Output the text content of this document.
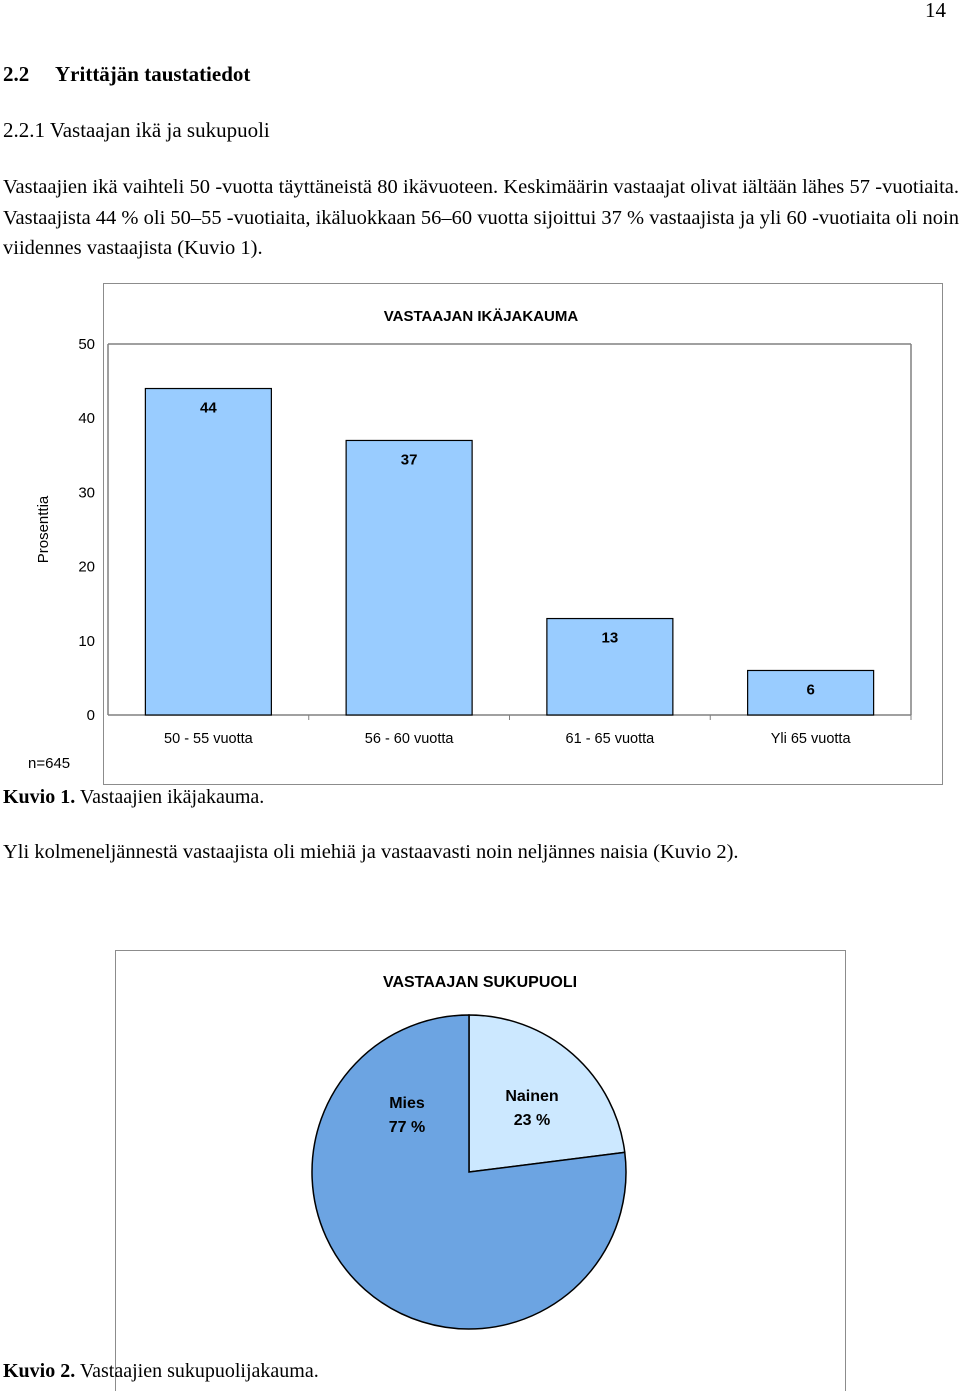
14
2.2 Yrittäjän taustatiedot
2.2.1 Vastaajan ikä ja sukupuoli

Vastaajien ikä vaihteli 50 -vuotta täyttäneistä 80 ikävuoteen. Keskimäärin vastaajat olivat iältään lähes 57 -vuotiaita. Vastaajista 44 % oli 50–55 -vuotiaita, ikäluokkaan 56–60 vuotta sijoittui 37 % vastaajista ja yli 60 -vuotiaita oli noin viidennes vastaajista (Kuvio 1).

VASTAAJAN IKÄJAKAUMA
0
10
20
30
40
50
Prosenttia
44
50 - 55 vuotta
37
56 - 60 vuotta
13
61 - 65 vuotta
6
Yli 65 vuotta
n=645
Kuvio 1. Vastaajien ikäjakauma.
Yli kolmeneljännestä vastaajista oli miehiä ja vastaavasti noin neljännes naisia (Kuvio 2).
VASTAAJAN SUKUPUOLI
Mies
77 %
Nainen
23 %
Kuvio 2. Vastaajien sukupuolijakauma.
